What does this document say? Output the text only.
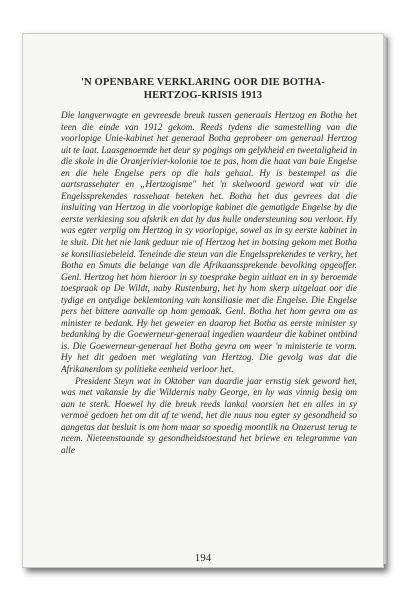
'N OPENBARE VERKLARING OOR DIE BOTHA-
HERTZOG-KRISIS 1913

Die langverwagte en gevreesde breuk tussen generaals Hertzog en Botha het teen die einde van 1912 gekom. Reeds tydens die samestelling van die voorlopige Unie-kabinet het generaal Botha geprobeer om generaal Hertzog uit te laat. Laasgenoemde het deur sy pogings om gelykheid en tweetaligheid in die skole in die Oranjerivier-kolonie toe te pas, hom die haat van baie Engelse en die hele Engelse pers op die hals gehaal. Hy is bestempel as die aartsrassehater en „Hertzogisme" het 'n skelwoord geword wat vir die Engelssprekendes rassehaat beteken het. Botha het dus gevrees dat die insluiting van Hertzog in die voorlopige kabinet die gematigde Engelse by die eerste verkiesing sou afskrik en dat hy dus hulle ondersteuning sou verloor. Hy was egter verplig om Hertzog in sy voorlopige, sowel as in sy eerste kabinet in te sluit. Dit het nie lank geduur nie of Hertzog het in botsing gekom met Botha se konsiliasiebeleid. Teneinde die steun van die Engelssprekendes te verkry, het Botha en Smuts die belange van die Afrikaanssprekende bevolking opgeoffer. Genl. Hertzog het hom hieroor in sy toesprake begin uitlaat en in sy beroemde toespraak op De Wildt, naby Rustenburg, het hy hom skerp uitgelaat oor die tydige en ontydige beklemtoning van konsiliasie met die Engelse. Die Engelse pers het bittere aanvalle op hom gemaak. Genl. Botha het hom gevra om as minister te bedank. Hy het geweier en daarop het Botha as eerste minister sy bedanking by die Goewerneur-generaal ingedien waardeur die kabinet ontbind is. Die Goewerneur-generaal het Botha gevra om weer 'n ministerie te vorm. Hy het dit gedoen met weglating van Hertzog. Die gevolg was dat die Afrikanerdom sy politieke eenheid verloor het.

President Steyn wat in Oktober van daardie jaar ernstig siek geword het, was met vakansie by die Wildernis naby George, en hy was vinnig besig om aan te sterk. Hoewel hy die breuk reeds lankal voorsien het en alles in sy vermoë gedoen het om dit af te wend, het die nuus nou egter sy gesondheid so aangetas dat besluit is om hom maar so spoedig moontlik na Onzerust terug te neem. Nieteenstaande sy gesondheidstoestand het briewe en telegramme van alle

194
